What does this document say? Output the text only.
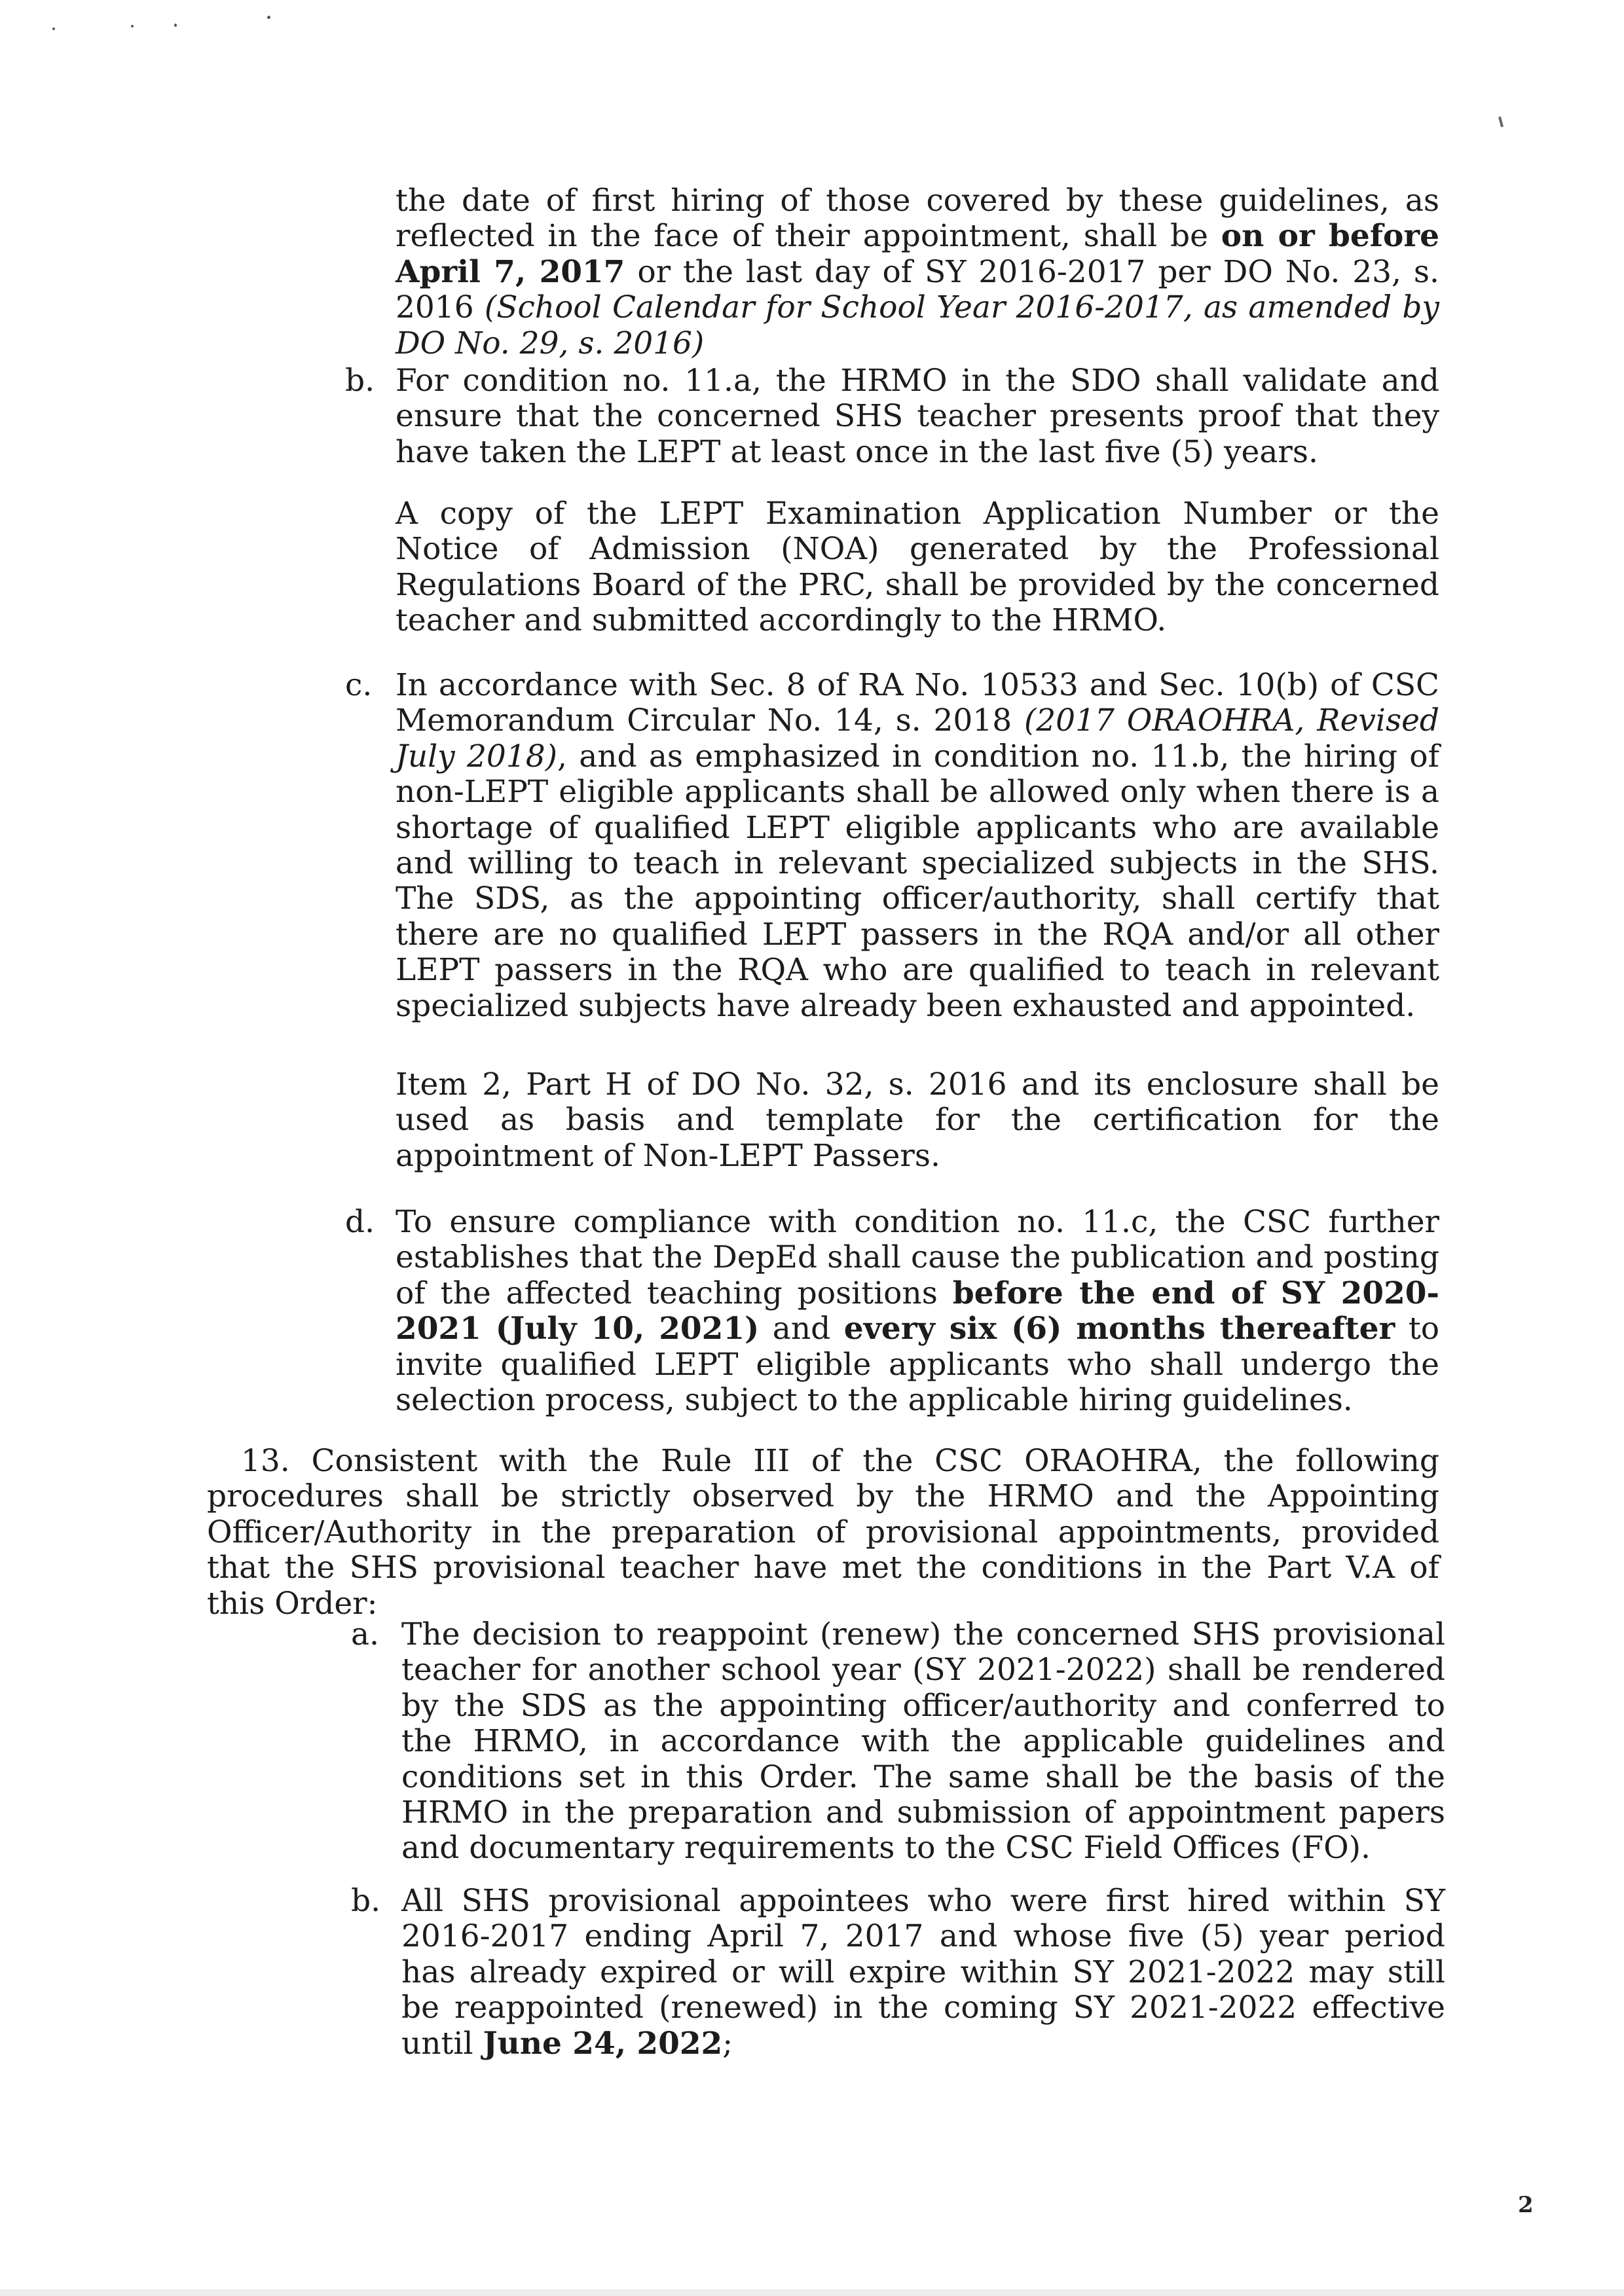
the date of first hiring of those covered by these guidelines, as reflected in the face of their appointment, shall be on or before April 7, 2017 or the last day of SY 2016-2017 per DO No. 23, s. 2016 (School Calendar for School Year 2016-2017, as amended by DO No. 29, s. 2016)

b. For condition no. 11.a, the HRMO in the SDO shall validate and ensure that the concerned SHS teacher presents proof that they have taken the LEPT at least once in the last five (5) years.

A copy of the LEPT Examination Application Number or the Notice of Admission (NOA) generated by the Professional Regulations Board of the PRC, shall be provided by the concerned teacher and submitted accordingly to the HRMO.

c. In accordance with Sec. 8 of RA No. 10533 and Sec. 10(b) of CSC Memorandum Circular No. 14, s. 2018 (2017 ORAOHRA, Revised July 2018), and as emphasized in condition no. 11.b, the hiring of non-LEPT eligible applicants shall be allowed only when there is a shortage of qualified LEPT eligible applicants who are available and willing to teach in relevant specialized subjects in the SHS. The SDS, as the appointing officer/authority, shall certify that there are no qualified LEPT passers in the RQA and/or all other LEPT passers in the RQA who are qualified to teach in relevant specialized subjects have already been exhausted and appointed.

Item 2, Part H of DO No. 32, s. 2016 and its enclosure shall be used as basis and template for the certification for the appointment of Non-LEPT Passers.

d. To ensure compliance with condition no. 11.c, the CSC further establishes that the DepEd shall cause the publication and posting of the affected teaching positions before the end of SY 2020-2021 (July 10, 2021) and every six (6) months thereafter to invite qualified LEPT eligible applicants who shall undergo the selection process, subject to the applicable hiring guidelines.

13. Consistent with the Rule III of the CSC ORAOHRA, the following procedures shall be strictly observed by the HRMO and the Appointing Officer/Authority in the preparation of provisional appointments, provided that the SHS provisional teacher have met the conditions in the Part V.A of this Order:

a. The decision to reappoint (renew) the concerned SHS provisional teacher for another school year (SY 2021-2022) shall be rendered by the SDS as the appointing officer/authority and conferred to the HRMO, in accordance with the applicable guidelines and conditions set in this Order. The same shall be the basis of the HRMO in the preparation and submission of appointment papers and documentary requirements to the CSC Field Offices (FO).

b. All SHS provisional appointees who were first hired within SY 2016-2017 ending April 7, 2017 and whose five (5) year period has already expired or will expire within SY 2021-2022 may still be reappointed (renewed) in the coming SY 2021-2022 effective until June 24, 2022;

2
